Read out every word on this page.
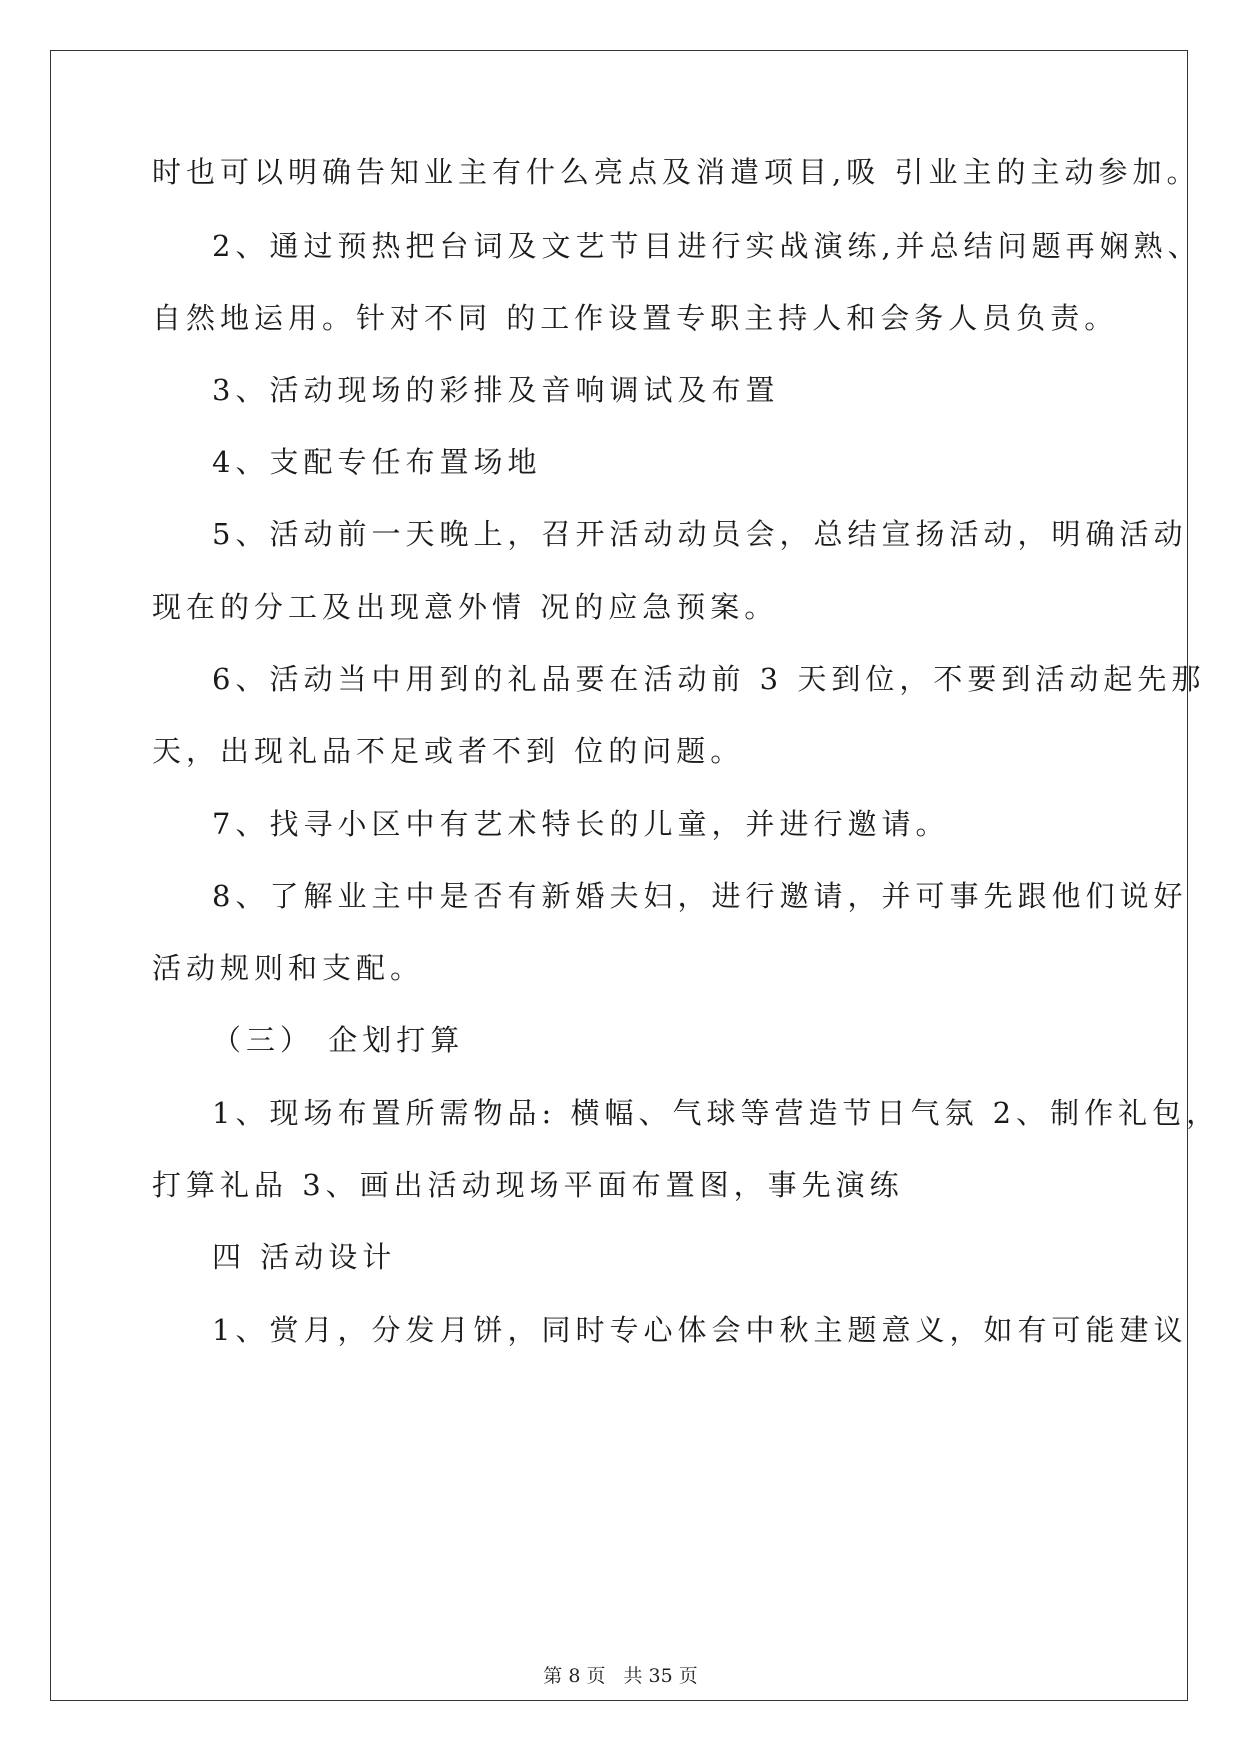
时也可以明确告知业主有什么亮点及消遣项目,吸 引业主的主动参加。
2、通过预热把台词及文艺节目进行实战演练,并总结问题再娴熟、
自然地运用。针对不同 的工作设置专职主持人和会务人员负责。
3、活动现场的彩排及音响调试及布置
4、支配专任布置场地
5、活动前一天晚上，召开活动动员会，总结宣扬活动，明确活动
现在的分工及出现意外情 况的应急预案。
6、活动当中用到的礼品要在活动前 3 天到位，不要到活动起先那
天，出现礼品不足或者不到 位的问题。
7、找寻小区中有艺术特长的儿童，并进行邀请。
8、了解业主中是否有新婚夫妇，进行邀请，并可事先跟他们说好
活动规则和支配。
（三） 企划打算
1、现场布置所需物品: 横幅、气球等营造节日气氛 2、制作礼包，
打算礼品 3、画出活动现场平面布置图，事先演练
四 活动设计
1、赏月，分发月饼，同时专心体会中秋主题意义，如有可能建议
第 8 页 共 35 页
